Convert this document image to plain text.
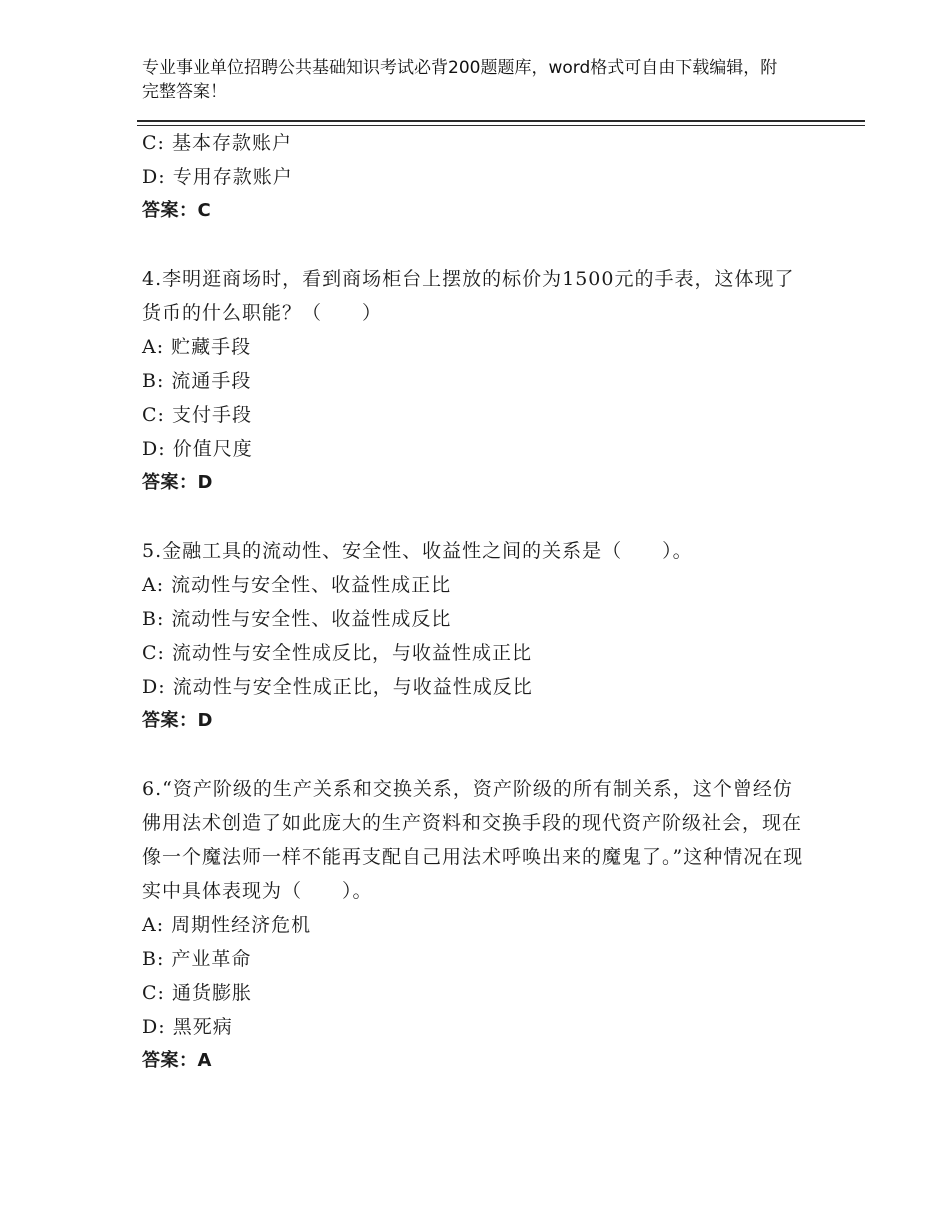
专业事业单位招聘公共基础知识考试必背200题题库，word格式可自由下载编辑，附完整答案！
C: 基本存款账户
D: 专用存款账户
答案：C
4.李明逛商场时，看到商场柜台上摆放的标价为1500元的手表，这体现了货币的什么职能？（　　）
A: 贮藏手段
B: 流通手段
C: 支付手段
D: 价值尺度
答案：D
5.金融工具的流动性、安全性、收益性之间的关系是（　　）。
A: 流动性与安全性、收益性成正比
B: 流动性与安全性、收益性成反比
C: 流动性与安全性成反比，与收益性成正比
D: 流动性与安全性成正比，与收益性成反比
答案：D
6.“资产阶级的生产关系和交换关系，资产阶级的所有制关系，这个曾经仿佛用法术创造了如此庞大的生产资料和交换手段的现代资产阶级社会，现在像一个魔法师一样不能再支配自己用法术呼唤出来的魔鬼了。”这种情况在现实中具体表现为（　　）。
A: 周期性经济危机
B: 产业革命
C: 通货膨胀
D: 黑死病
答案：A
